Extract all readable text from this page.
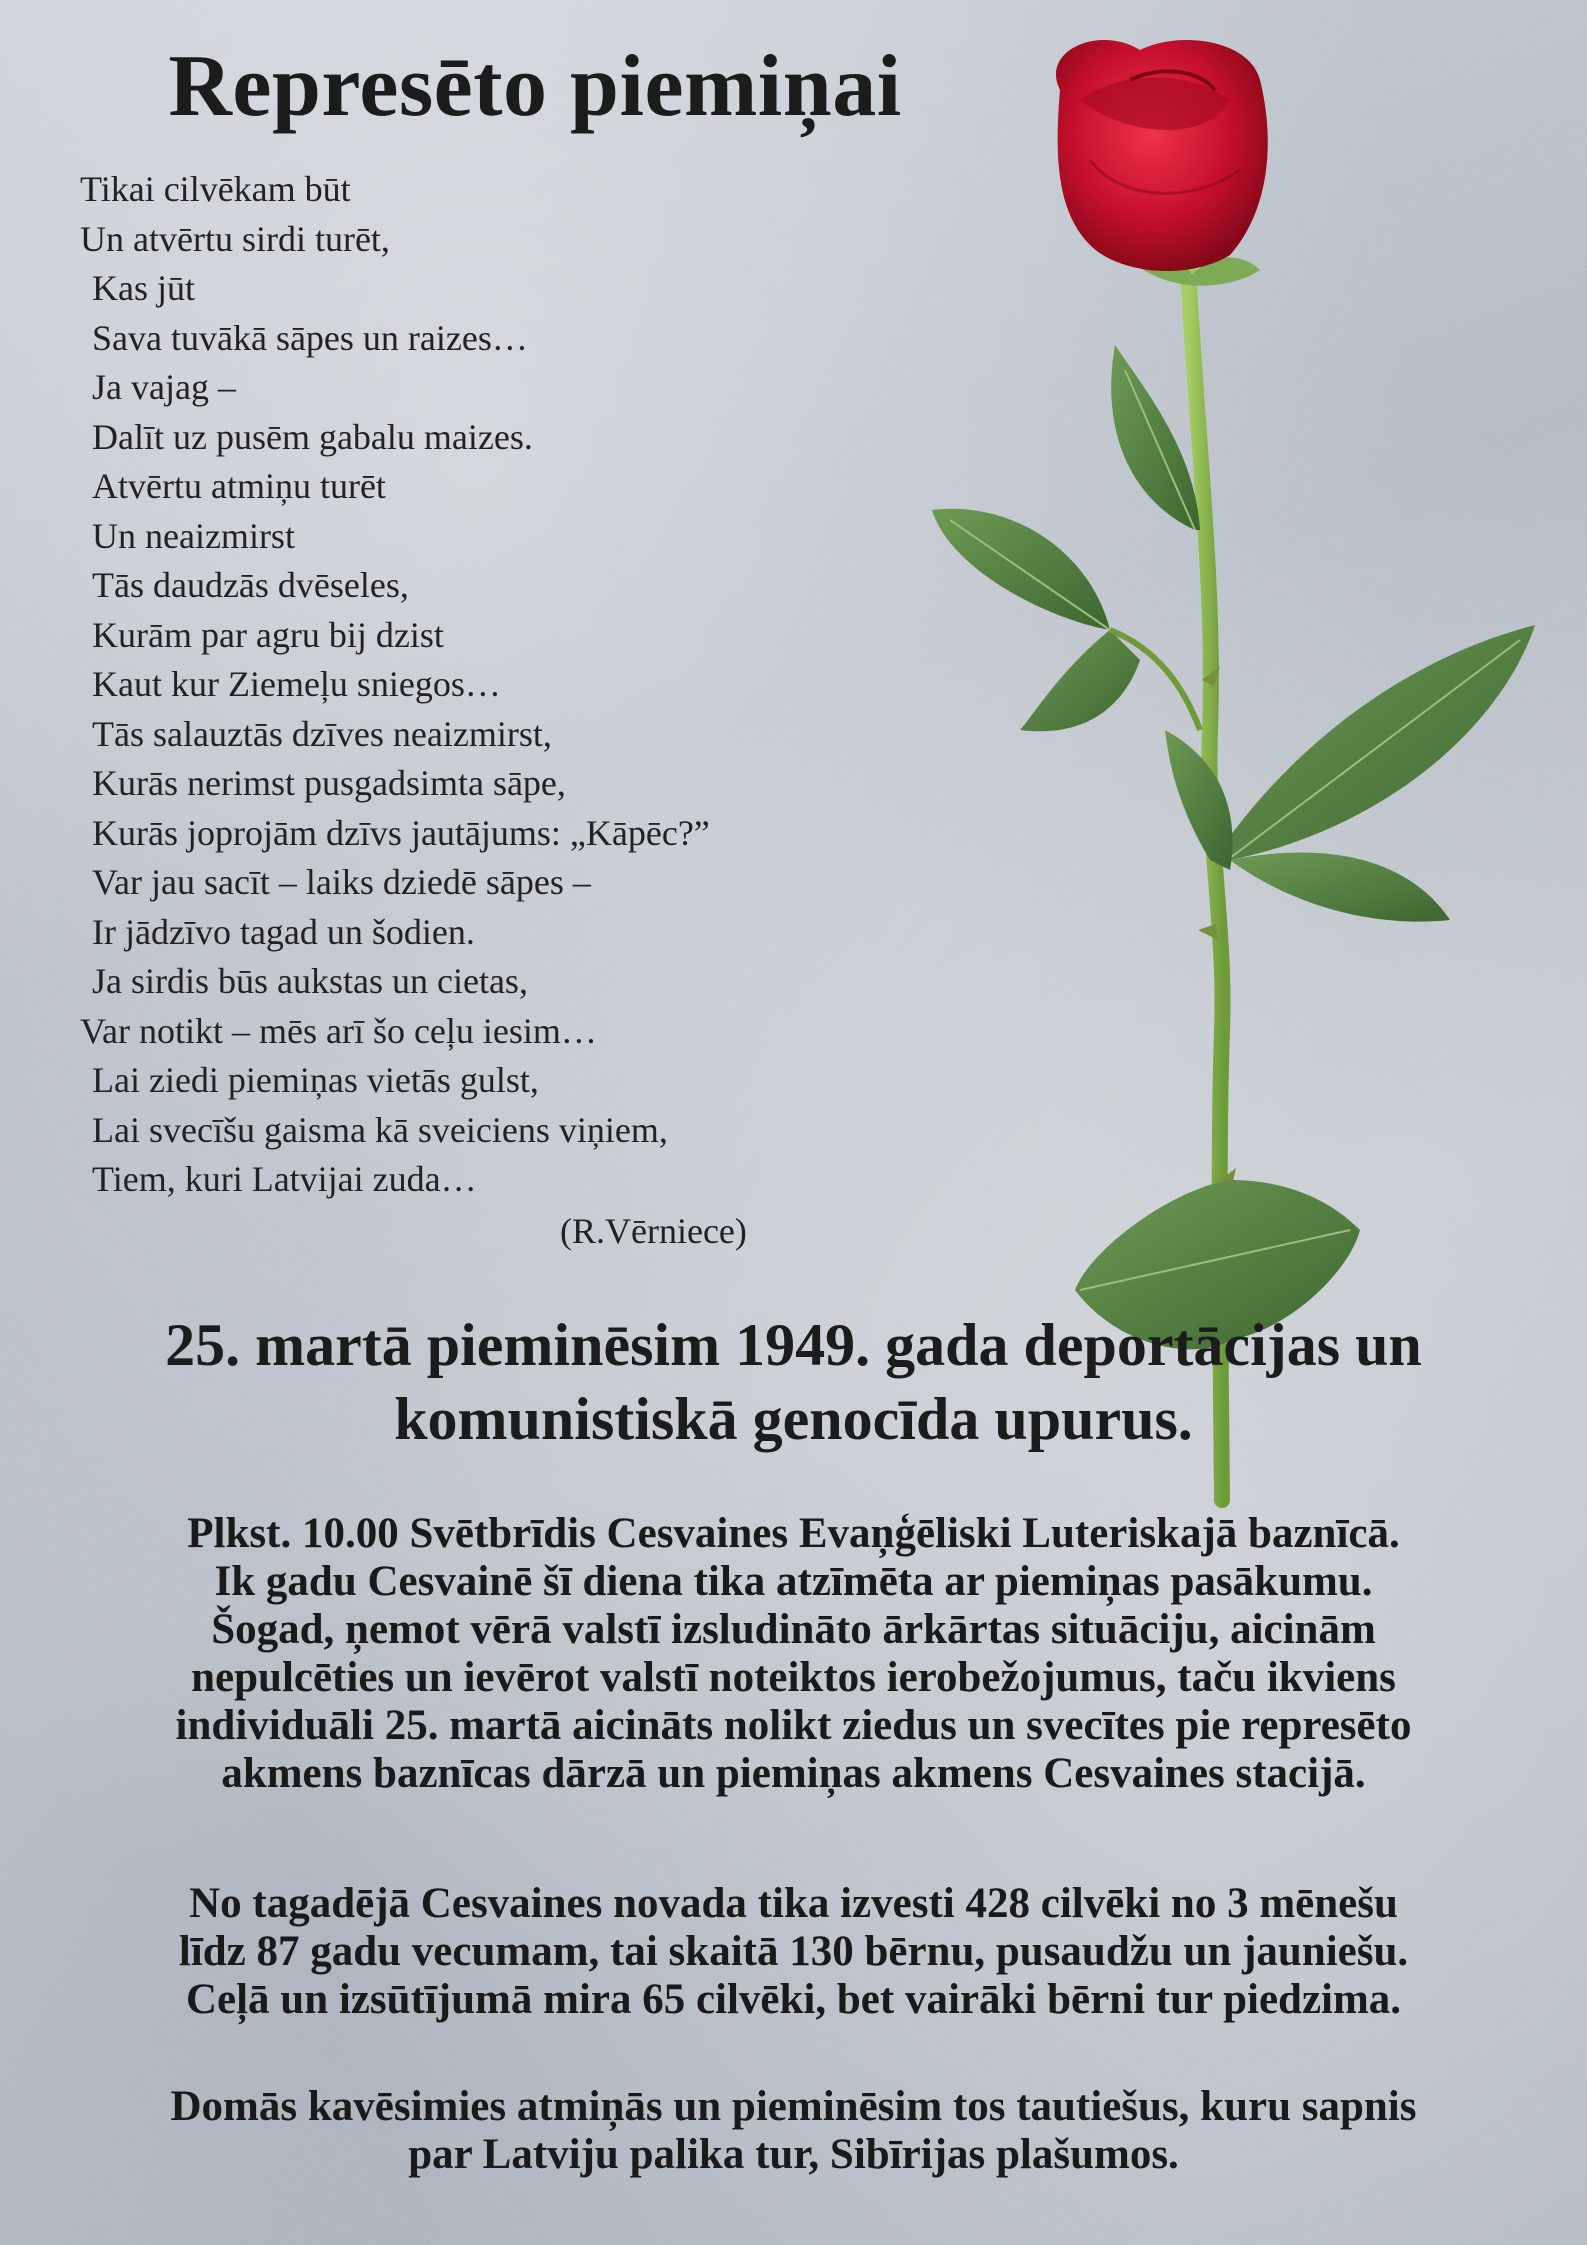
Represēto piemiņai
Tikai cilvēkam būt
Un atvērtu sirdi turēt,
Kas jūt
Sava tuvākā sāpes un raizes…
Ja vajag –
Dalīt uz pusēm gabalu maizes.
Atvērtu atmiņu turēt
Un neaizmirst
Tās daudzās dvēseles,
Kurām par agru bij dzist
Kaut kur Ziemeļu sniegos…
Tās salauztās dzīves neaizmirst,
Kurās nerimst pusgadsimta sāpe,
Kurās joprojām dzīvs jautājums: „Kāpēc?”
Var jau sacīt – laiks dziedē sāpes –
Ir jādzīvo tagad un šodien.
Ja sirdis būs aukstas un cietas,
Var notikt – mēs arī šo ceļu iesim…
Lai ziedi piemiņas vietās gulst,
Lai svecīšu gaisma kā sveiciens viņiem,
Tiem, kuri Latvijai zuda…
(R.Vērniece)
25. martā pieminēsim 1949. gada deportācijas un
komunistiskā genocīda upurus.

Plkst. 10.00 Svētbrīdis Cesvaines Evaņģēliski Luteriskajā baznīcā.
Ik gadu Cesvainē šī diena tika atzīmēta ar piemiņas pasākumu.
Šogad, ņemot vērā valstī izsludināto ārkārtas situāciju, aicinām
nepulcēties un ievērot valstī noteiktos ierobežojumus, taču ikviens
individuāli 25. martā aicināts nolikt ziedus un svecītes pie represēto
akmens baznīcas dārzā un piemiņas akmens Cesvaines stacijā.

No tagadējā Cesvaines novada tika izvesti 428 cilvēki no 3 mēnešu
līdz 87 gadu vecumam, tai skaitā 130 bērnu, pusaudžu un jauniešu.
Ceļā un izsūtījumā mira 65 cilvēki, bet vairāki bērni tur piedzima.

Domās kavēsimies atmiņās un pieminēsim tos tautiešus, kuru sapnis
par Latviju palika tur, Sibīrijas plašumos.
